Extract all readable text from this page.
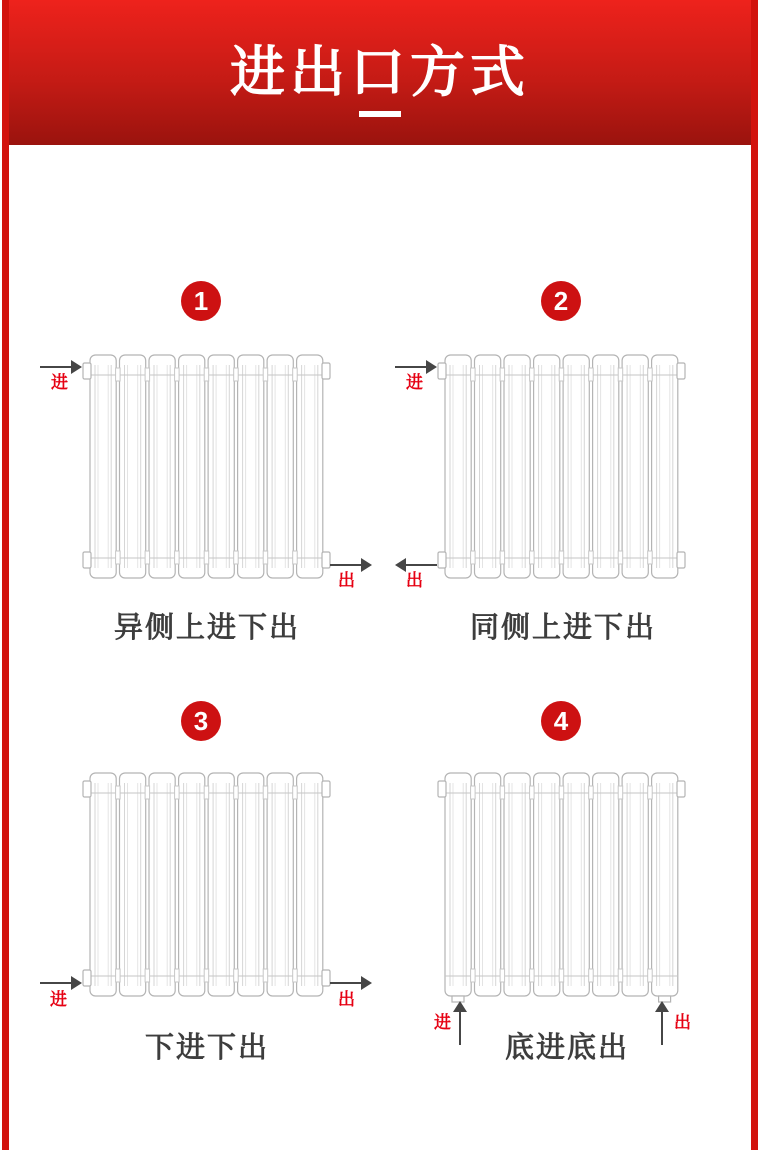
进出口方式
1
进
出
异侧上进下出
2
进
出
同侧上进下出
3
进	出
下进下出
4
进	出
底进底出
